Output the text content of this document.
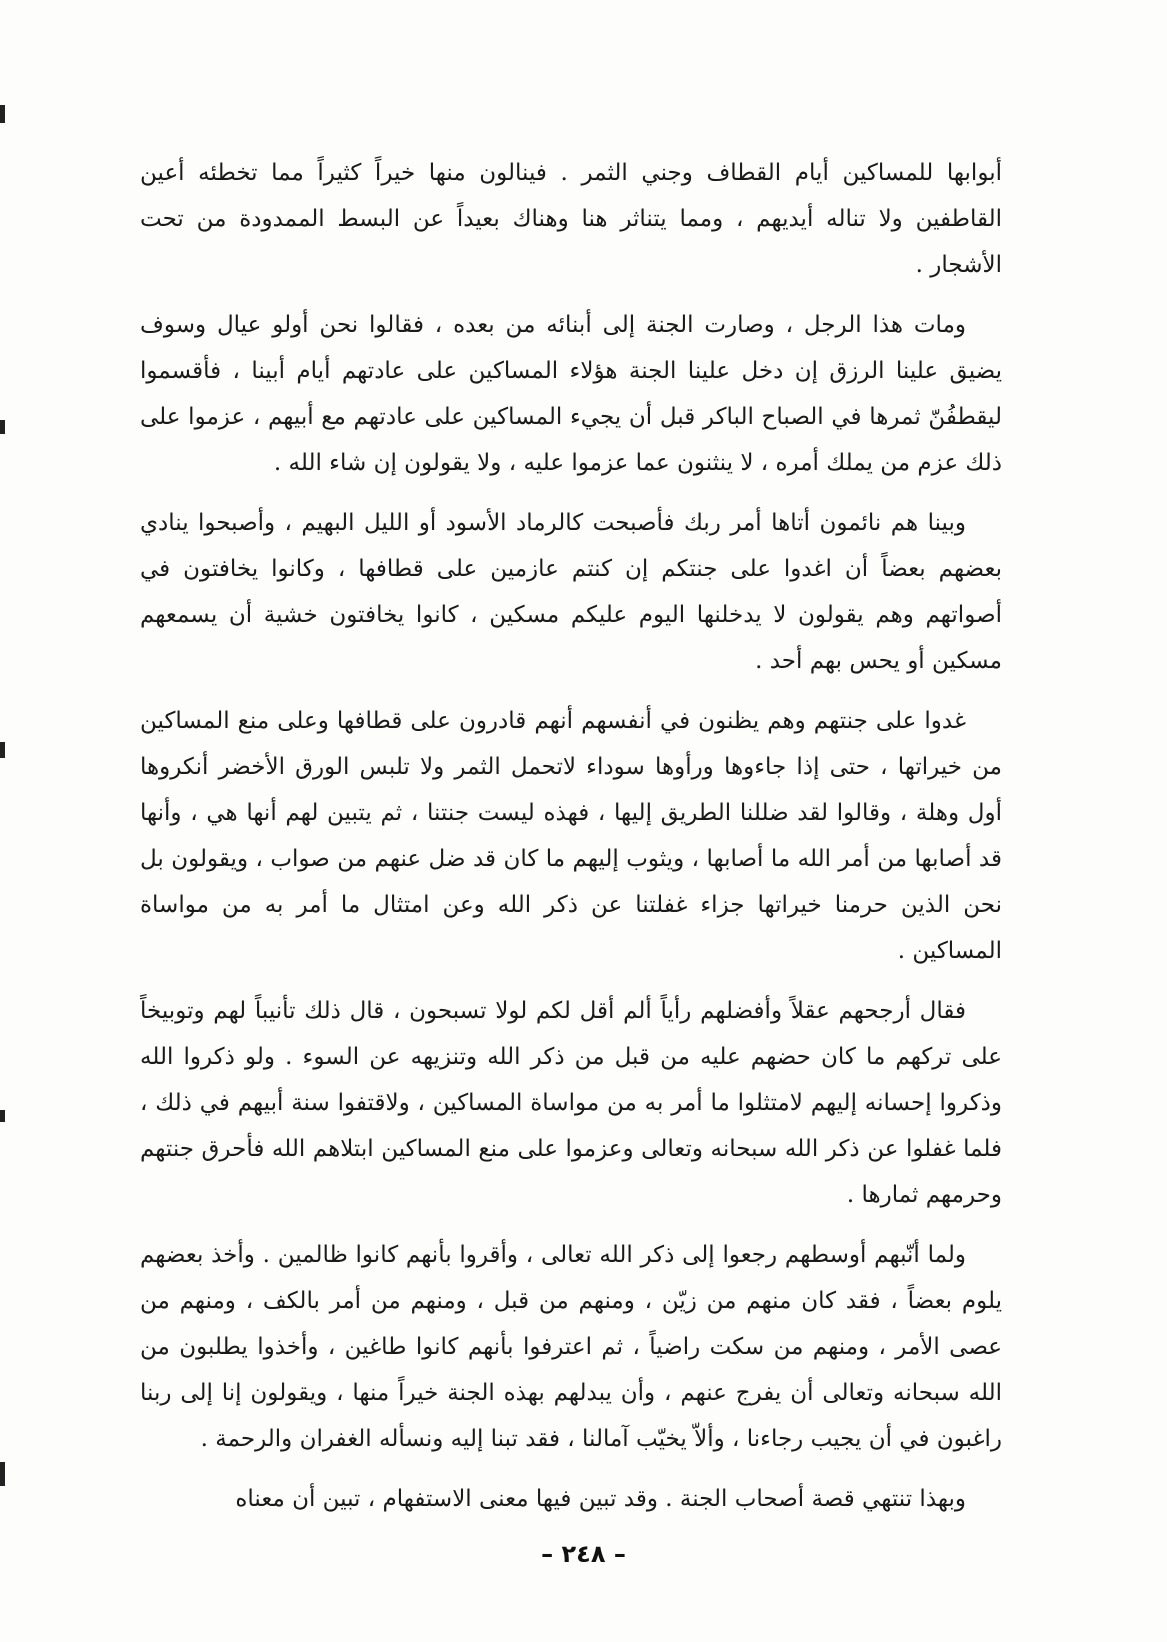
أبوابها للمساكين أيام القطاف وجني الثمر . فينالون منها خيراً كثيراً مما تخطئه أعين القاطفين ولا تناله أيديهم ، ومما يتناثر هنا وهناك بعيداً عن البسط الممدودة من تحت الأشجار .

ومات هذا الرجل ، وصارت الجنة إلى أبنائه من بعده ، فقالوا نحن أولو عيال وسوف يضيق علينا الرزق إن دخل علينا الجنة هؤلاء المساكين على عادتهم أيام أبينا ، فأقسموا ليقطفُنّ ثمرها في الصباح الباكر قبل أن يجيء المساكين على عادتهم مع أبيهم ، عزموا على ذلك عزم من يملك أمره ، لا ينثنون عما عزموا عليه ، ولا يقولون إن شاء الله .

وبينا هم نائمون أتاها أمر ربك فأصبحت كالرماد الأسود أو الليل البهيم ، وأصبحوا ينادي بعضهم بعضاً أن اغدوا على جنتكم إن كنتم عازمين على قطافها ، وكانوا يخافتون في أصواتهم وهم يقولون لا يدخلنها اليوم عليكم مسكين ، كانوا يخافتون خشية أن يسمعهم مسكين أو يحس بهم أحد .

غدوا على جنتهم وهم يظنون في أنفسهم أنهم قادرون على قطافها وعلى منع المساكين من خيراتها ، حتى إذا جاءوها ورأوها سوداء لاتحمل الثمر ولا تلبس الورق الأخضر أنكروها أول وهلة ، وقالوا لقد ضللنا الطريق إليها ، فهذه ليست جنتنا ، ثم يتبين لهم أنها هي ، وأنها قد أصابها من أمر الله ما أصابها ، ويثوب إليهم ما كان قد ضل عنهم من صواب ، ويقولون بل نحن الذين حرمنا خيراتها جزاء غفلتنا عن ذكر الله وعن امتثال ما أمر به من مواساة المساكين .

فقال أرجحهم عقلاً وأفضلهم رأياً ألم أقل لكم لولا تسبحون ، قال ذلك تأنيباً لهم وتوبيخاً على تركهم ما كان حضهم عليه من قبل من ذكر الله وتنزيهه عن السوء . ولو ذكروا الله وذكروا إحسانه إليهم لامتثلوا ما أمر به من مواساة المساكين ، ولاقتفوا سنة أبيهم في ذلك ، فلما غفلوا عن ذكر الله سبحانه وتعالى وعزموا على منع المساكين ابتلاهم الله فأحرق جنتهم وحرمهم ثمارها .

ولما أنّبهم أوسطهم رجعوا إلى ذكر الله تعالى ، وأقروا بأنهم كانوا ظالمين . وأخذ بعضهم يلوم بعضاً ، فقد كان منهم من زيّن ، ومنهم من قبل ، ومنهم من أمر بالكف ، ومنهم من عصى الأمر ، ومنهم من سكت راضياً ، ثم اعترفوا بأنهم كانوا طاغين ، وأخذوا يطلبون من الله سبحانه وتعالى أن يفرج عنهم ، وأن يبدلهم بهذه الجنة خيراً منها ، ويقولون إنا إلى ربنا راغبون في أن يجيب رجاءنا ، وألاّ يخيّب آمالنا ، فقد تبنا إليه ونسأله الغفران والرحمة .

وبهذا تنتهي قصة أصحاب الجنة . وقد تبين فيها معنى الاستفهام ، تبين أن معناه

– ٢٤٨ –
